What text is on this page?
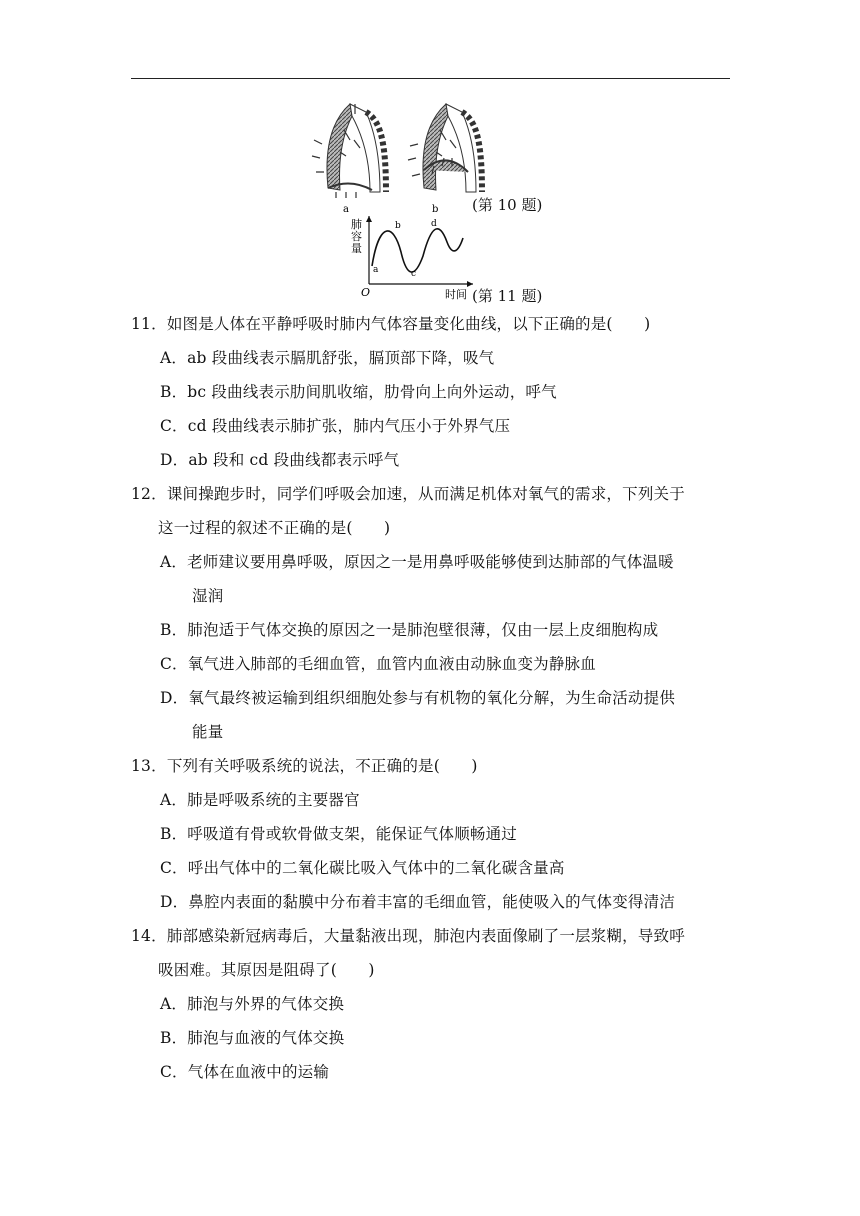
a	b (第 10 题)
肺
容
量
O
a
b
c
d
时间 (第 11 题)
11．如图是人体在平静呼吸时肺内气体容量变化曲线，以下正确的是(　　)
A．ab 段曲线表示膈肌舒张，膈顶部下降，吸气
B．bc 段曲线表示肋间肌收缩，肋骨向上向外运动，呼气
C．cd 段曲线表示肺扩张，肺内气压小于外界气压
D．ab 段和 cd 段曲线都表示呼气
12．课间操跑步时，同学们呼吸会加速，从而满足机体对氧气的需求，下列关于
这一过程的叙述不正确的是(　　)
A．老师建议要用鼻呼吸，原因之一是用鼻呼吸能够使到达肺部的气体温暖
湿润
B．肺泡适于气体交换的原因之一是肺泡壁很薄，仅由一层上皮细胞构成
C．氧气进入肺部的毛细血管，血管内血液由动脉血变为静脉血
D．氧气最终被运输到组织细胞处参与有机物的氧化分解，为生命活动提供
能量
13．下列有关呼吸系统的说法，不正确的是(　　)
A．肺是呼吸系统的主要器官
B．呼吸道有骨或软骨做支架，能保证气体顺畅通过
C．呼出气体中的二氧化碳比吸入气体中的二氧化碳含量高
D．鼻腔内表面的黏膜中分布着丰富的毛细血管，能使吸入的气体变得清洁
14．肺部感染新冠病毒后，大量黏液出现，肺泡内表面像刷了一层浆糊，导致呼
吸困难。其原因是阻碍了(　　)
A．肺泡与外界的气体交换
B．肺泡与血液的气体交换
C．气体在血液中的运输
